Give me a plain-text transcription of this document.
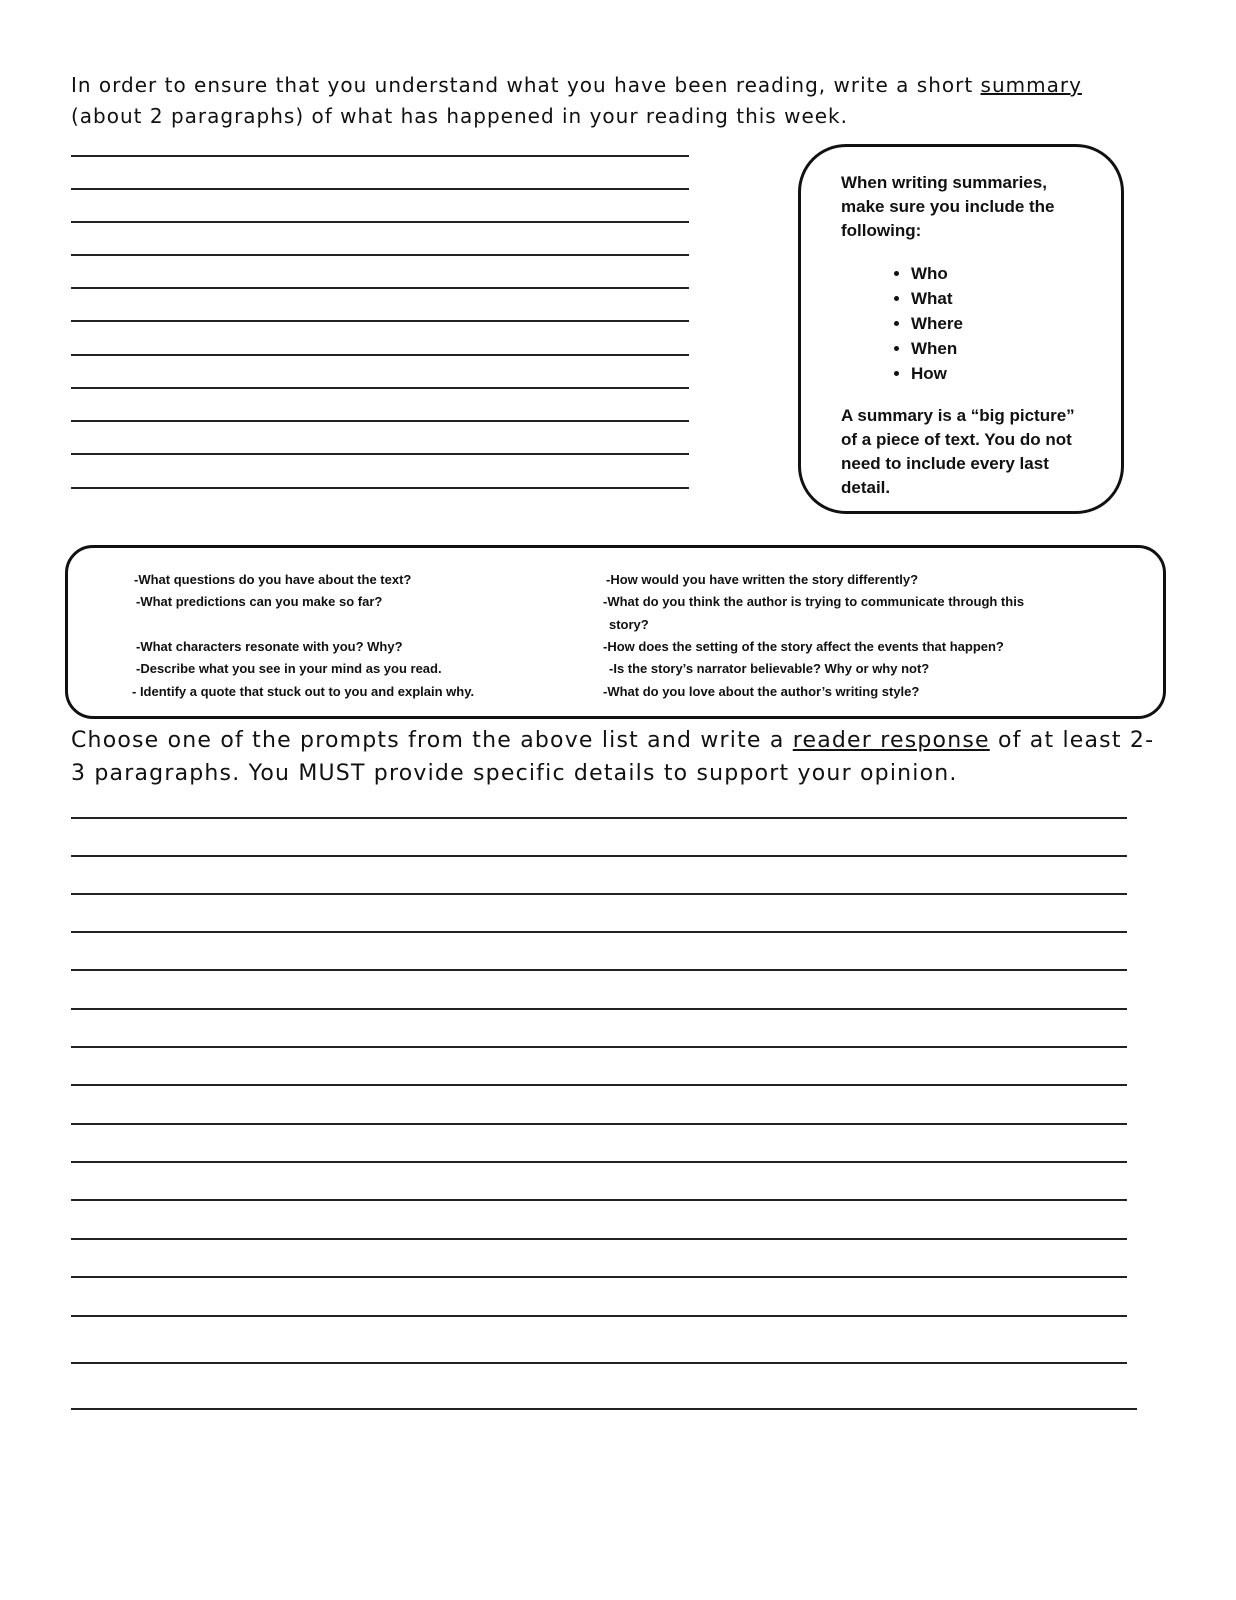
In order to ensure that you understand what you have been reading, write a short summary (about 2 paragraphs) of what has happened in your reading this week.
When writing summaries, make sure you include the following:
• Who
• What
• Where
• When
• How
A summary is a “big picture” of a piece of text. You do not need to include every last detail.
-What questions do you have about the text?
-What predictions can you make so far?
-What characters resonate with you? Why?
-Describe what you see in your mind as you read.
- Identify a quote that stuck out to you and explain why.
-How would you have written the story differently?
-What do you think the author is trying to communicate through this
story?
-How does the setting of the story affect the events that happen?
-Is the story’s narrator believable? Why or why not?
-What do you love about the author’s writing style?
Choose one of the prompts from the above list and write a reader response of at least 2-3 paragraphs. You MUST provide specific details to support your opinion.
